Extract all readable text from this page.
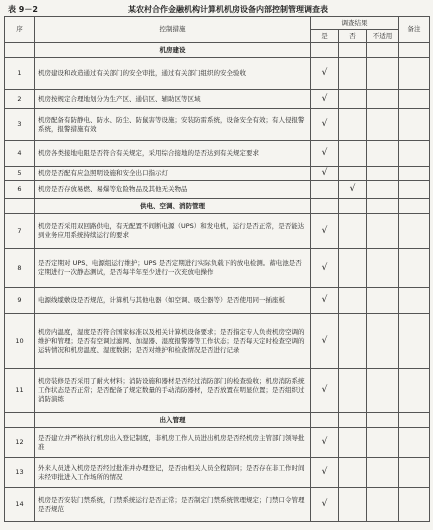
表 9－2	某农村合作金融机构计算机机房设备内部控制管理调查表
序	控制措施	调查结果			备注
		是	否	不适用	
	机房建设				
1	机房建设和改造通过有关部门的安全审批，通过有关部门组织的安全验收	√			
2	机房按规定合理地划分为生产区、通信区、辅助区等区域	√			
3	机房配备有防静电、防水、防尘、防鼠害等设施；安装防雷系统，设备安全有效；有人侵报警系统，报警措施有效	√			
4	机房各类接地电阻是否符合有关规定，采用综合接地的是否达到有关规定要求	√			
5	机房是否配有应急照明设施和安全出口指示灯	√			
6	机房是否存放易燃、易爆等危险物品及其他无关物品		√		
	供电、空调、消防管理				
7	机房是否采用双回路供电，有无配置不间断电源（UPS）和发电机，运行是否正常，是否能达到业务应用系统持续运行的要求	√			
8	是否定期对 UPS、电源组运行维护；UPS 是否定期进行实际负载下的放电检测。蓄电池是否定期进行一次静态测试，是否每半年至少进行一次充放电操作	√			
9	电源线缆敷设是否规范，计算机与其他电器（如空调、吸尘器等）是否使用同一插座板	√			
10	机房内温度，湿度是否符合国家标准以及相关计算机设备要求；是否指定专人负责机房空调的维护和管理；是否有空调过滤网、加湿器、湿度报警器等工作状态；是否每天定时检查空调的运转情况和机房温度、湿度数据；是否对维护和检查情况是否进行记录	√			
11	机房装修是否采用了耐火材料；消防设施和器材是否经过消防部门的检查验收；机房消防系统工作状态是否正常；是否配备了规定数量的手动消防器材，是否放置在明显位置；是否组织过消防演练	√			
	出入管理				
12	是否建立并严格执行机房出入登记制度，非机房工作人员进出机房是否经机房主管部门领导批准	√			
13	外来人员进入机房是否经过批准并办理登记，是否由相关人员全程陪同；是否存在非工作时间未经审批进入工作场所的情况	√			
14	机房是否安装门禁系统，门禁系统运行是否正常；是否制定门禁系统管理规定；门禁口令管理是否规范	√			
